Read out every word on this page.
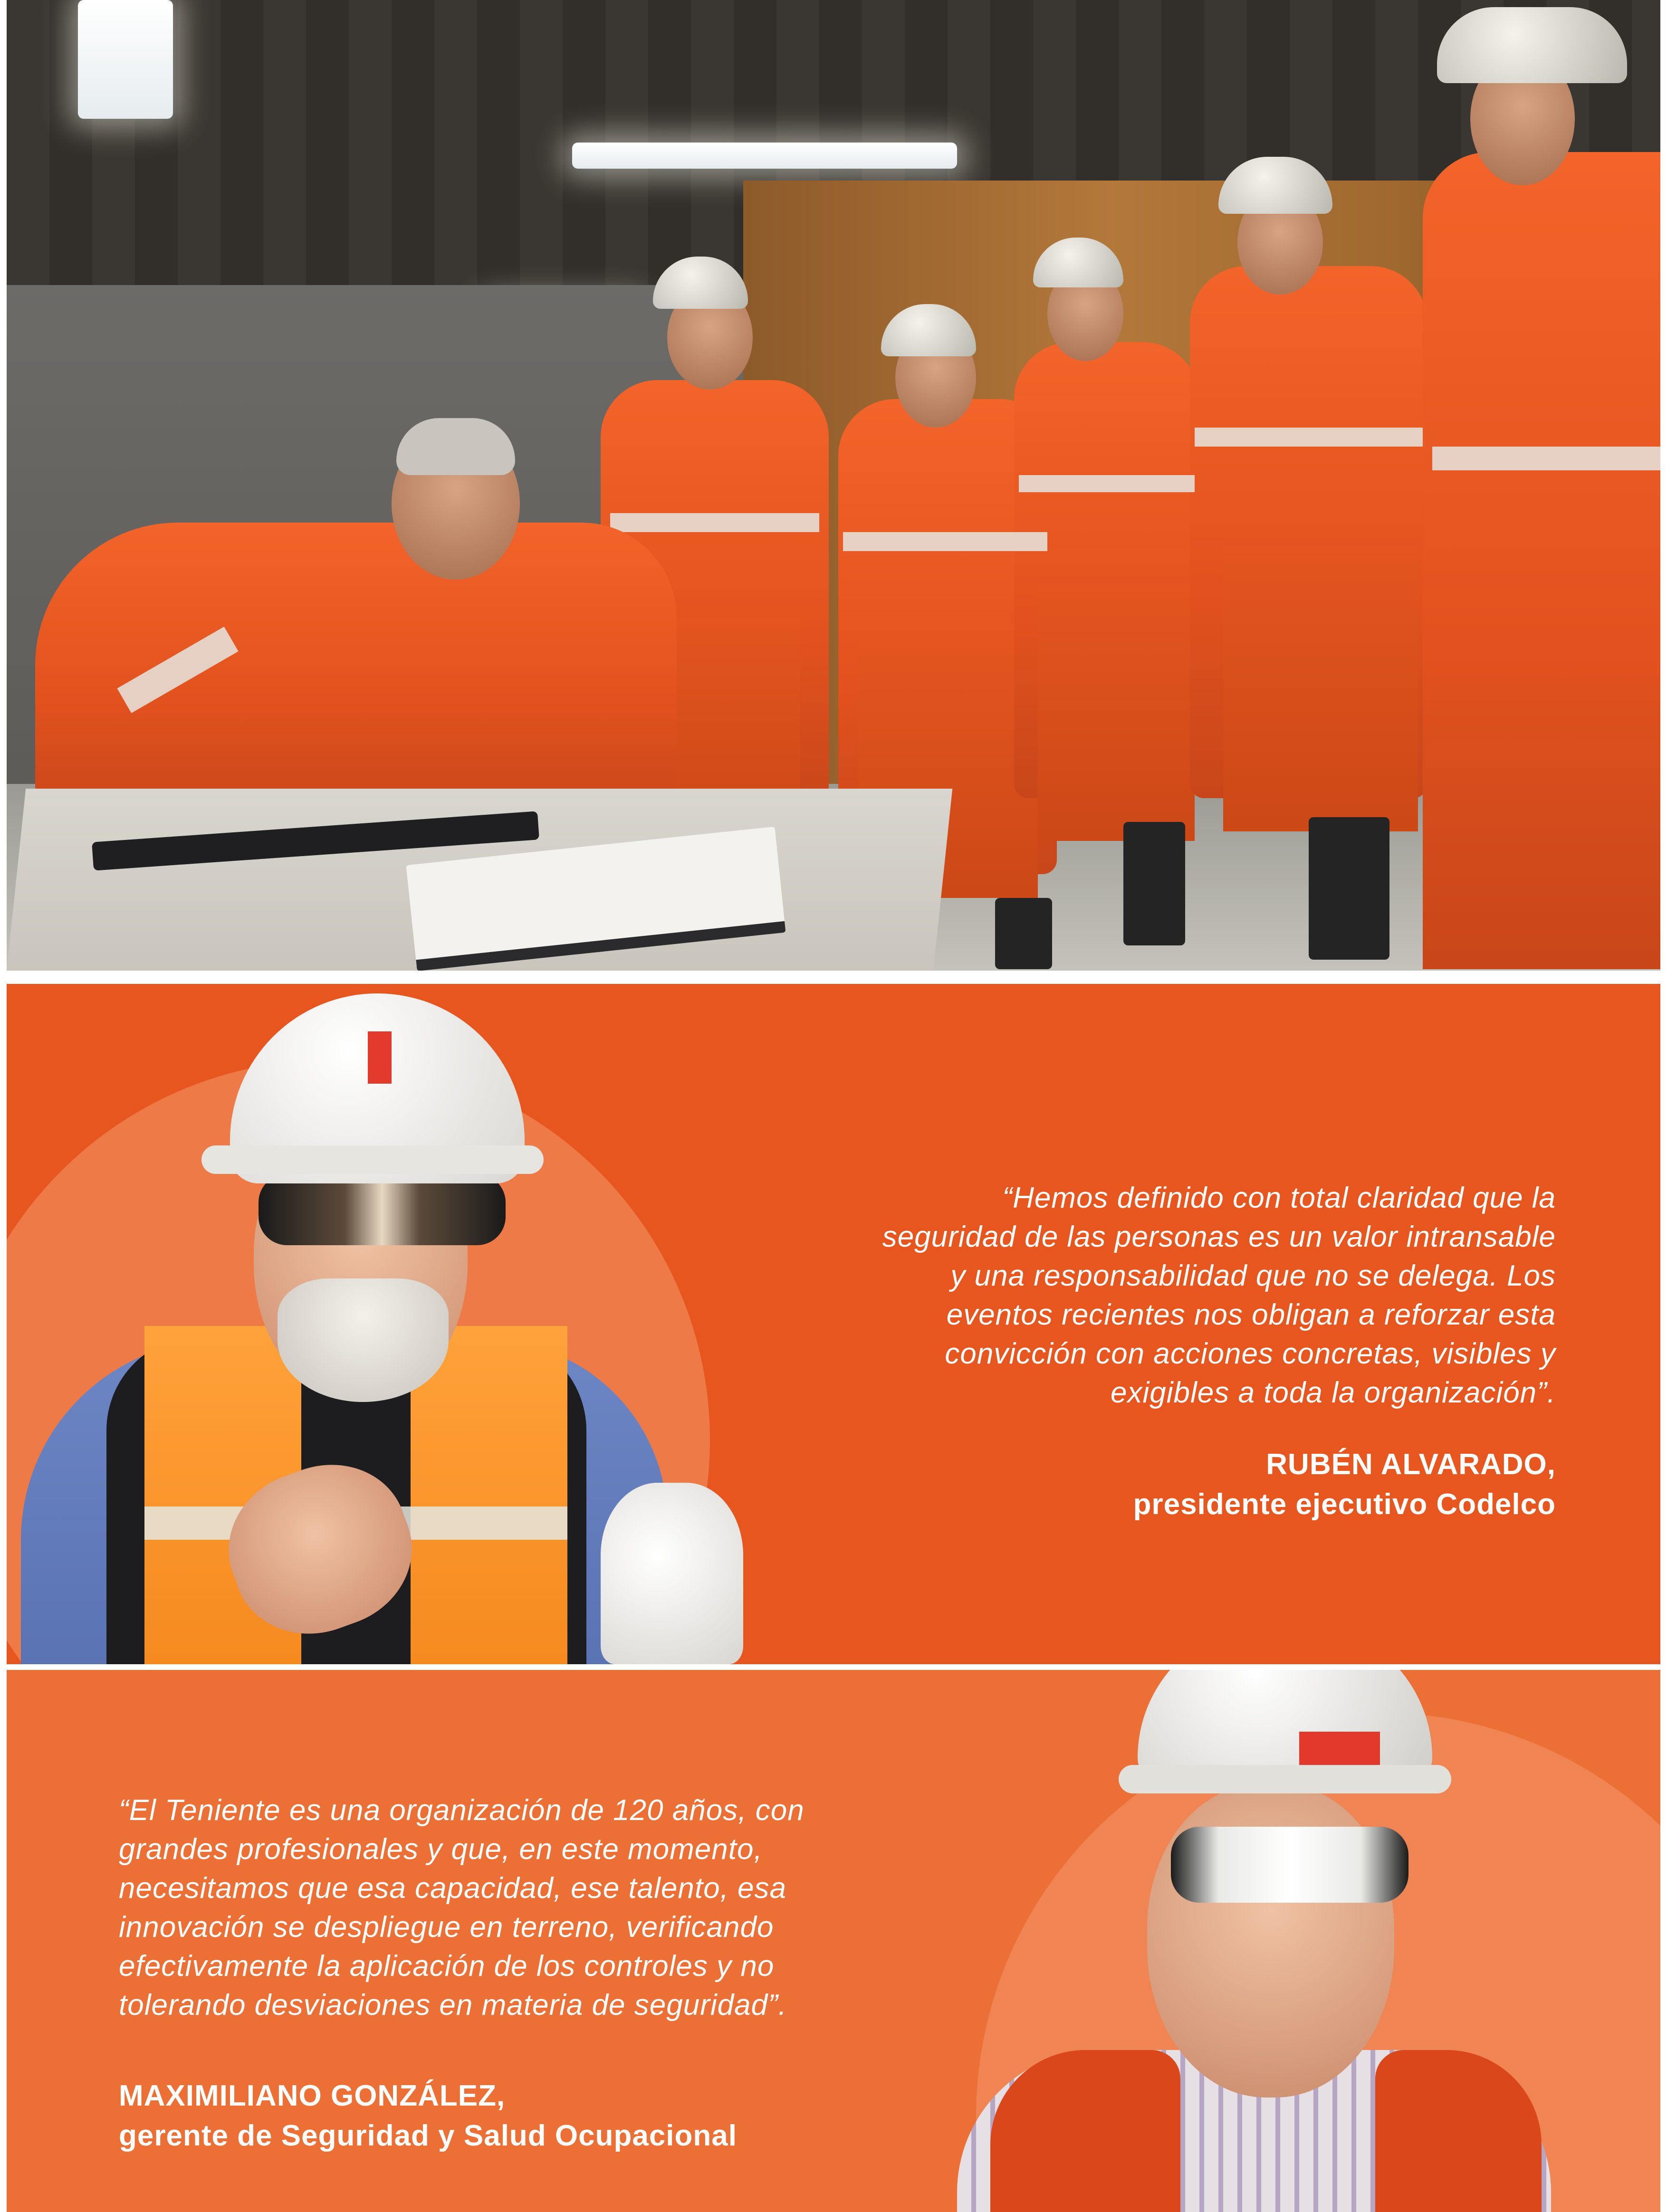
“Hemos definido con total claridad que la
seguridad de las personas es un valor intransable
y una responsabilidad que no se delega. Los
eventos recientes nos obligan a reforzar esta
convicción con acciones concretas, visibles y
exigibles a toda la organización”.
RUBÉN ALVARADO,
presidente ejecutivo Codelco
“El Teniente es una organización de 120 años, con
grandes profesionales y que, en este momento,
necesitamos que esa capacidad, ese talento, esa
innovación se despliegue en terreno, verificando
efectivamente la aplicación de los controles y no
tolerando desviaciones en materia de seguridad”.
MAXIMILIANO GONZÁLEZ,
gerente de Seguridad y Salud Ocupacional
